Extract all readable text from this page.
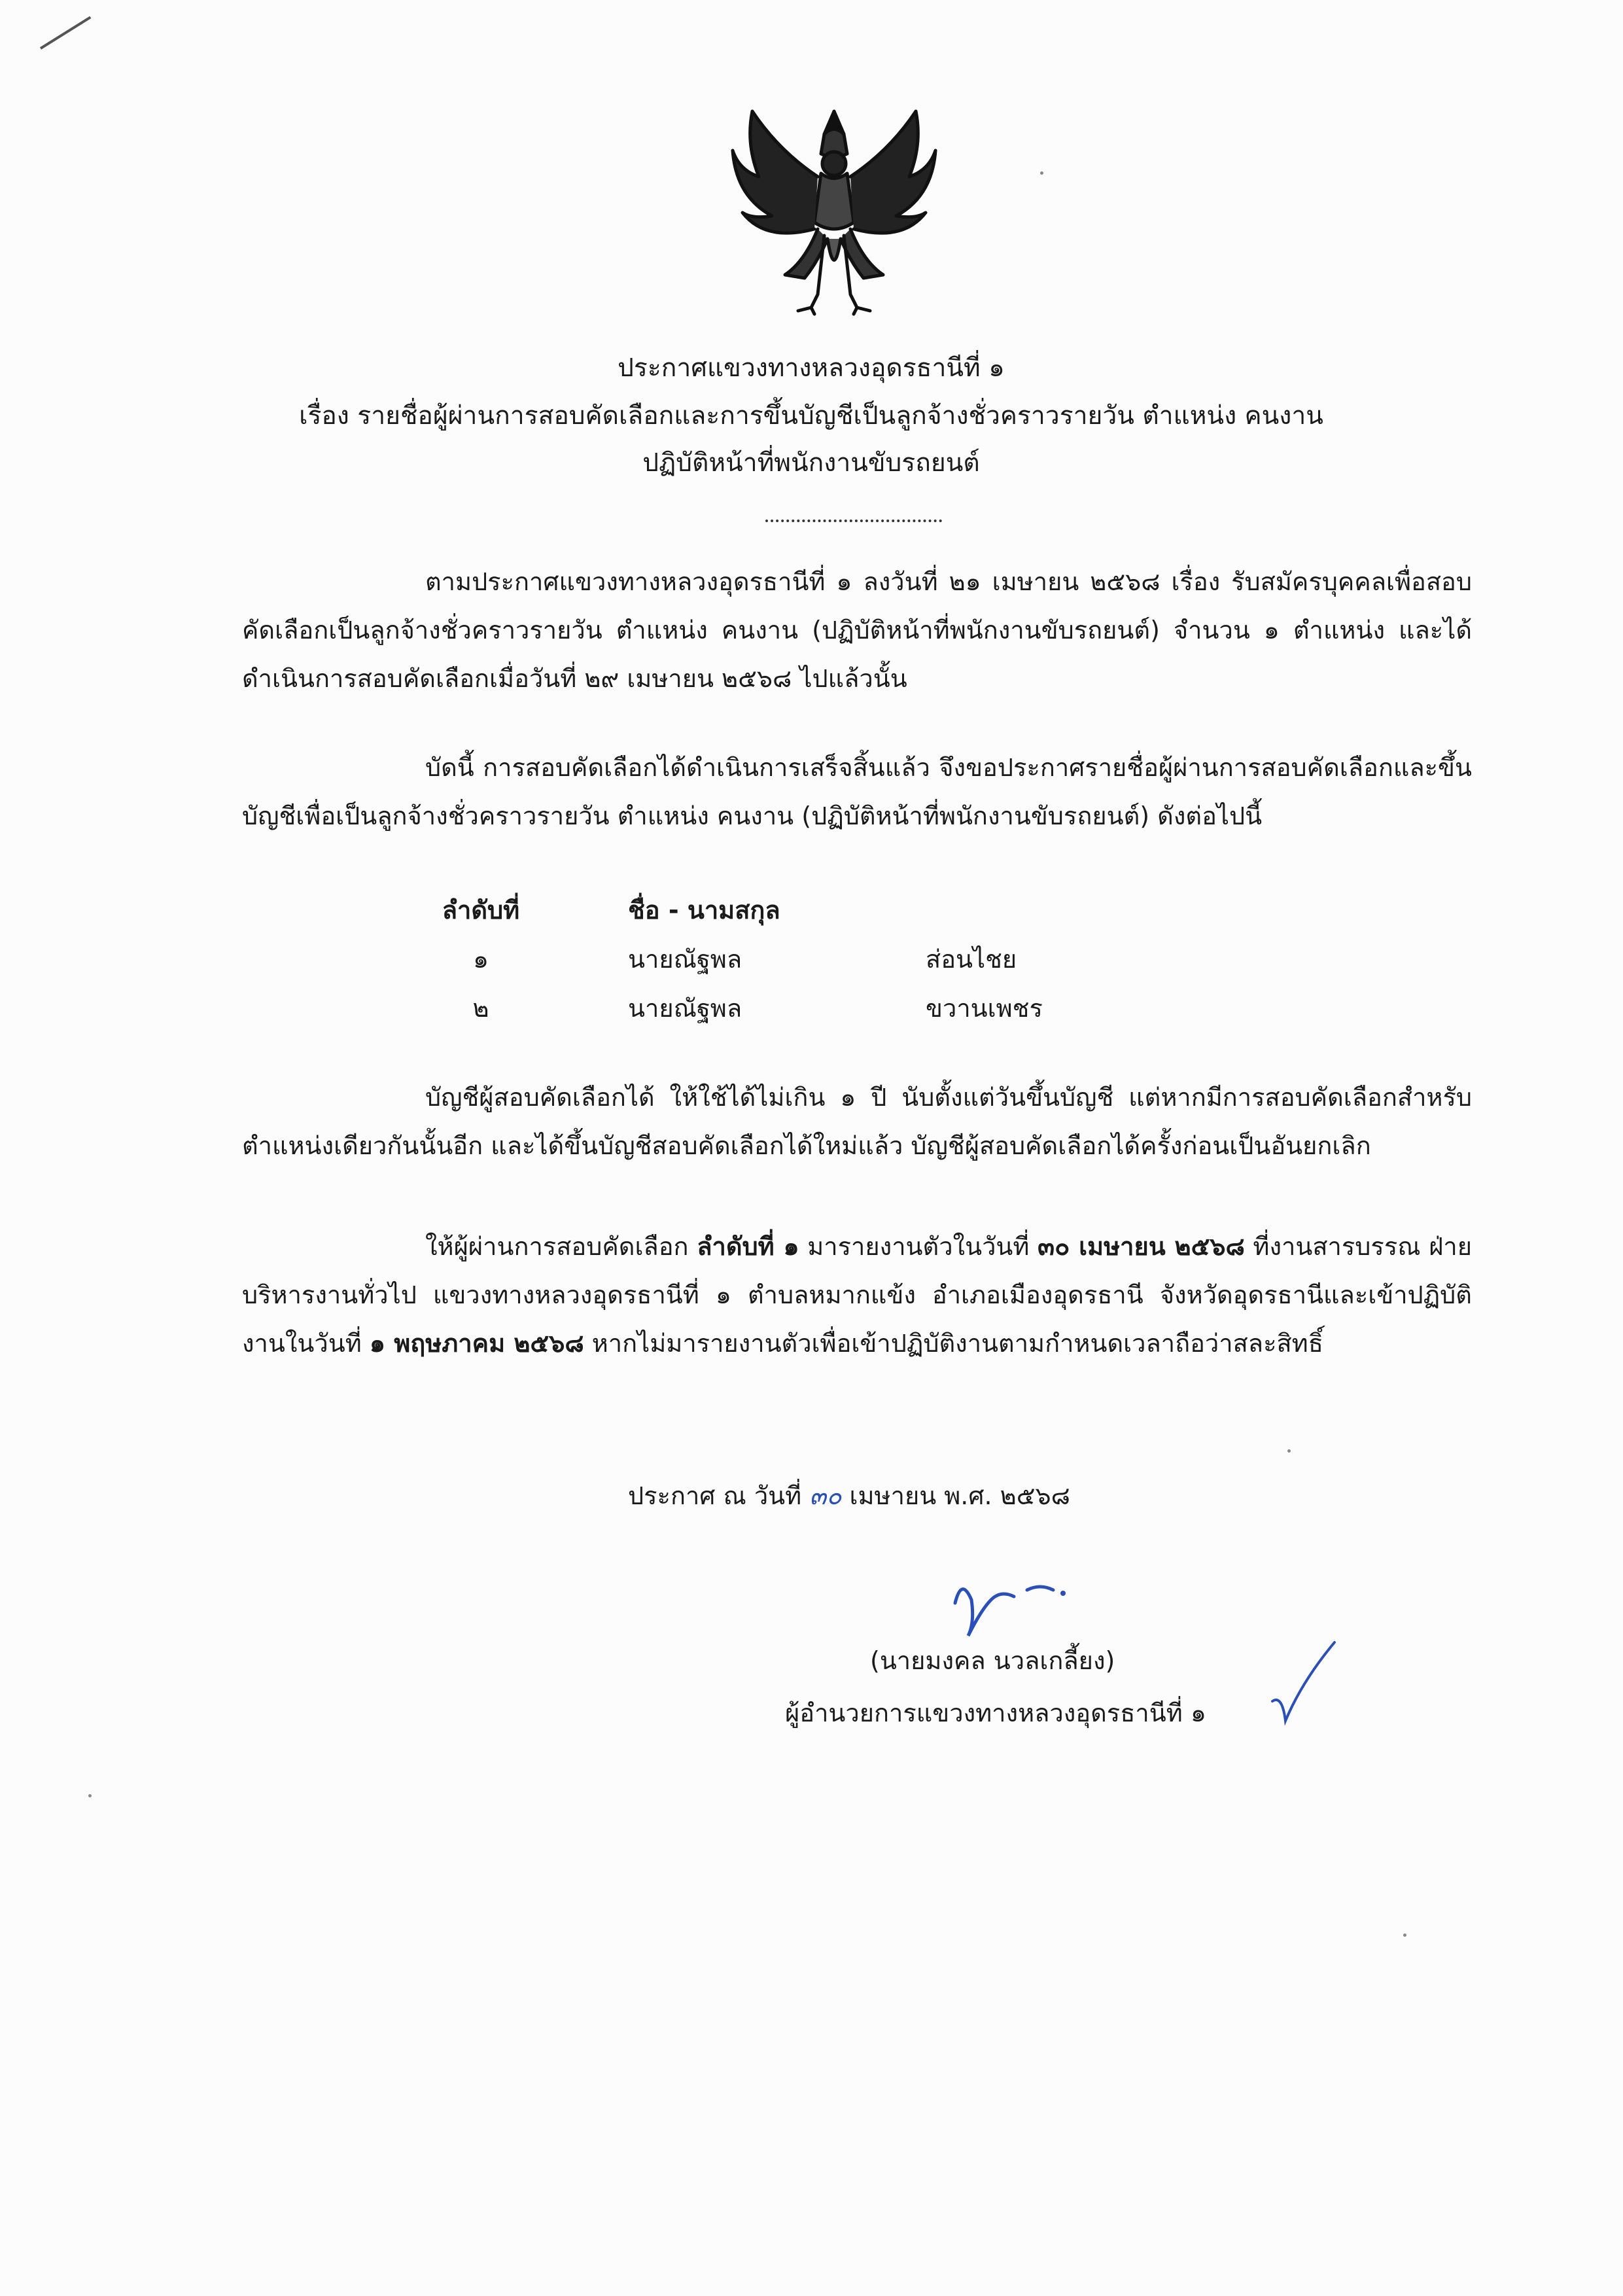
ประกาศแขวงทางหลวงอุดรธานีที่ ๑
เรื่อง รายชื่อผู้ผ่านการสอบคัดเลือกและการขึ้นบัญชีเป็นลูกจ้างชั่วคราวรายวัน ตำแหน่ง คนงาน
ปฏิบัติหน้าที่พนักงานขับรถยนต์
ตามประกาศแขวงทางหลวงอุดรธานีที่ ๑ ลงวันที่ ๒๑ เมษายน ๒๕๖๘ เรื่อง รับสมัครบุคคลเพื่อสอบคัดเลือกเป็นลูกจ้างชั่วคราวรายวัน ตำแหน่ง คนงาน (ปฏิบัติหน้าที่พนักงานขับรถยนต์) จำนวน ๑ ตำแหน่ง และได้ดำเนินการสอบคัดเลือกเมื่อวันที่ ๒๙ เมษายน ๒๕๖๘ ไปแล้วนั้น
บัดนี้ การสอบคัดเลือกได้ดำเนินการเสร็จสิ้นแล้ว จึงขอประกาศรายชื่อผู้ผ่านการสอบคัดเลือกและขึ้นบัญชีเพื่อเป็นลูกจ้างชั่วคราวรายวัน ตำแหน่ง คนงาน (ปฏิบัติหน้าที่พนักงานขับรถยนต์) ดังต่อไปนี้
ลำดับที่	ชื่อ - นามสกุล
๑	นายณัฐพล	ส่อนไชย
๒	นายณัฐพล	ขวานเพชร
บัญชีผู้สอบคัดเลือกได้ ให้ใช้ได้ไม่เกิน ๑ ปี นับตั้งแต่วันขึ้นบัญชี แต่หากมีการสอบคัดเลือกสำหรับตำแหน่งเดียวกันนั้นอีก และได้ขึ้นบัญชีสอบคัดเลือกได้ใหม่แล้ว บัญชีผู้สอบคัดเลือกได้ครั้งก่อนเป็นอันยกเลิก
ให้ผู้ผ่านการสอบคัดเลือก ลำดับที่ ๑ มารายงานตัวในวันที่ ๓๐ เมษายน ๒๕๖๘ ที่งานสารบรรณ ฝ่ายบริหารงานทั่วไป แขวงทางหลวงอุดรธานีที่ ๑ ตำบลหมากแข้ง อำเภอเมืองอุดรธานี จังหวัดอุดรธานีและเข้าปฏิบัติงานในวันที่ ๑ พฤษภาคม ๒๕๖๘ หากไม่มารายงานตัวเพื่อเข้าปฏิบัติงานตามกำหนดเวลาถือว่าสละสิทธิ์
ประกาศ ณ วันที่ ๓๐ เมษายน พ.ศ. ๒๕๖๘
(นายมงคล นวลเกลี้ยง)
ผู้อำนวยการแขวงทางหลวงอุดรธานีที่ ๑
